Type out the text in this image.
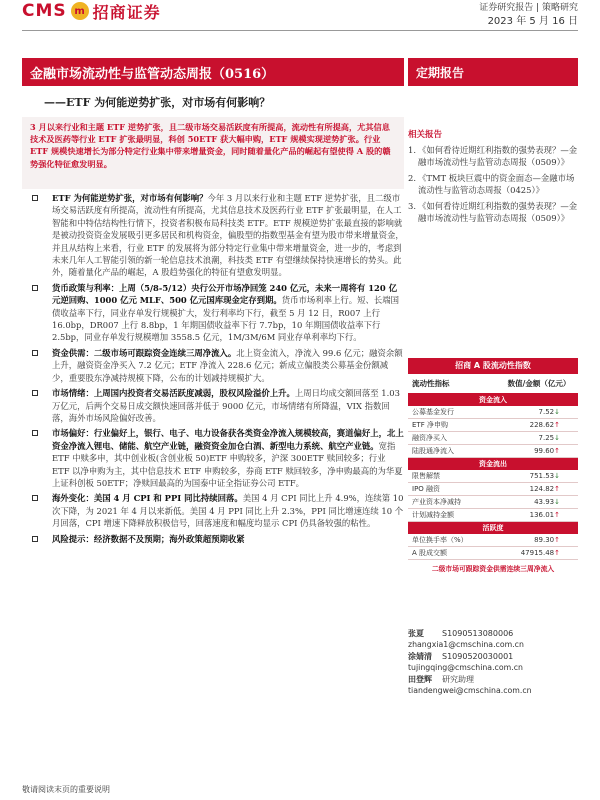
CMS m 招商证券	证券研究报告 | 策略研究
2023 年 5 月 16 日
金融市场流动性与监管动态周报（0516）	定期报告
——ETF 为何能逆势扩张，对市场有何影响？
3 月以来行业和主题 ETF 逆势扩张，且二级市场交易活跃度有所提高，流动性有所提高，尤其信息技术及医药等行业 ETF 扩张最明显，科创 50ETF 获大幅申购，ETF 规模实现逆势扩张。行业 ETF 规模快速增长为部分特定行业集中带来增量资金，同时随着量化产品的崛起有望使得 A 股的赣势强化特征愈发明显。
ETF 为何能逆势扩张，对市场有何影响？今年 3 月以来行业和主题 ETF 逆势扩张，且二级市场交易活跃度有所提高，流动性有所提高，尤其信息技术及医药行业 ETF 扩张最明显，在人工智能和中特估结构性行情下，投资者积极布局科技类 ETF。ETF 规模逆势扩张最直接的影响就是被动投资资金发展吸引更多居民和机构资金，偏股型的指数型基金有望为股市带来增量资金，并且从结构上来看，行业 ETF 的发展将为部分特定行业集中带来增量资金，进一步的，考虑到未来几年人工智能引领的新一轮信息技术浪潮，科技类 ETF 有望继续保持快速增长的势头。此外，随着量化产品的崛起，A 股趋势强化的特征有望愈发明显。
货币政策与利率：上周（5/8-5/12）央行公开市场净回笼 240 亿元，未来一周将有 120 亿元逆回购、1000 亿元 MLF、500 亿元国库现金定存到期。货币市场利率上行。短、长端国债收益率下行，同业存单发行规模扩大，发行利率均下行，截至 5 月 12 日，R007 上行 16.0bp，DR007 上行 8.8bp，1 年期国债收益率下行 7.7bp，10 年期国债收益率下行 2.5bp，同业存单发行规模增加 3558.5 亿元，1M/3M/6M 同业存单利率均下行。
资金供需：二级市场可跟踪资金连续三周净流入。北上资金流入，净流入 99.6 亿元；融资余额上升，融资资金净买入 7.2 亿元；ETF 净流入 228.6 亿元；新成立偏股类公募基金份额减少，重要股东净减持规模下降，公布的计划减持规模扩大。
市场情绪：上周国内投资者交易活跃度减弱，股权风险溢价上升。上周日均成交额回落至 1.03 万亿元，后两个交易日成交额快速回落并低于 9000 亿元，市场情绪有所降温，VIX 指数回落，海外市场风险偏好改善。
市场偏好：行业偏好上，银行、电子、电力设备获各类资金净流入规模较高，赛道偏好上，北上资金净流入锂电、储能、航空产业链，融资资金加仓白酒、新型电力系统、航空产业链。宽指 ETF 中赎多申，其中创业板(含创业板 50)ETF 申购较多，沪深 300ETF 赎回较多；行业 ETF 以净申购为主，其中信息技术 ETF 申购较多，券商 ETF 赎回较多，净申购最高的为华夏上证科创板 50ETF；净赎回最高的为国泰中证全指证券公司 ETF。
海外变化：美国 4 月 CPI 和 PPI 同比持续回落。美国 4 月 CPI 同比上升 4.9%，连续第 10 次下降，为 2021 年 4 月以来新低。美国 4 月 PPI 同比上升 2.3%，PPI 同比增速连续 10 个月回落，CPI 增速下降释放积极信号，回落速度和幅度均显示 CPI 仍具备较强的粘性。
风险提示：经济数据不及预期；海外政策超预期收紧
相关报告
1. 《如何看待近期红利指数的强势表现？—金融市场流动性与监管动态周报（0509）》
2. 《TMT 板块巨震中的资金面态—金融市场流动性与监管动态周报（0425）》
3. 《如何看待近期红利指数的强势表现？—金融市场流动性与监管动态周报（0509）》
招商 A 股流动性指数
流动性指标	数值/金额（亿元）
资金流入
公募基金发行	7.52↓
ETF 净申购	228.62↑
融资净买入	7.25↓
陆股通净流入	99.60↑
资金流出
限售解禁	751.53↓
IPO 融资	124.82↑
产业资本净减持	43.93↓
计划减持金额	136.01↑
活跃度
单位换手率（%）	89.30↑
A 股成交额	47915.48↑
二级市场可跟踪资金供需连续三周净流入
张夏	S1090513080006
zhangxia1@cmschina.com.cn
涂婧清	S1090520030001
tujingqing@cmschina.com.cn
田登辉	研究助理
tiandengwei@cmschina.com.cn
敬请阅读末页的重要说明
